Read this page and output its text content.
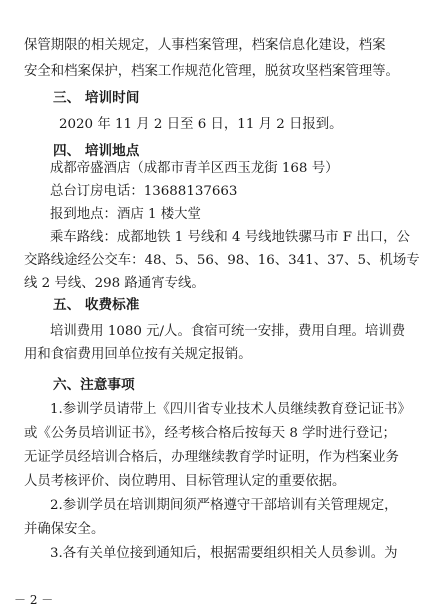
保管期限的相关规定，人事档案管理，档案信息化建设，档案
安全和档案保护，档案工作规范化管理，脱贫攻坚档案管理等。
三、 培训时间
2020 年 11 月 2 日至 6 日，11 月 2 日报到。
四、 培训地点
成都帝盛酒店（成都市青羊区西玉龙街 168 号）
总台订房电话：13688137663
报到地点：酒店 1 楼大堂
乘车路线：成都地铁 1 号线和 4 号线地铁骡马市 F 出口，公
交路线途经公交车：48、5、56、98、16、341、37、5、机场专
线 2 号线、298 路通宵专线。
五、 收费标准
培训费用 1080 元/人。食宿可统一安排，费用自理。培训费
用和食宿费用回单位按有关规定报销。
六、注意事项
1.参训学员请带上《四川省专业技术人员继续教育登记证书》
或《公务员培训证书》，经考核合格后按每天 8 学时进行登记；
无证学员经培训合格后，办理继续教育学时证明，作为档案业务
人员考核评价、岗位聘用、目标管理认定的重要依据。
2.参训学员在培训期间须严格遵守干部培训有关管理规定，
并确保安全。
3.各有关单位接到通知后，根据需要组织相关人员参训。为
－ 2 －
